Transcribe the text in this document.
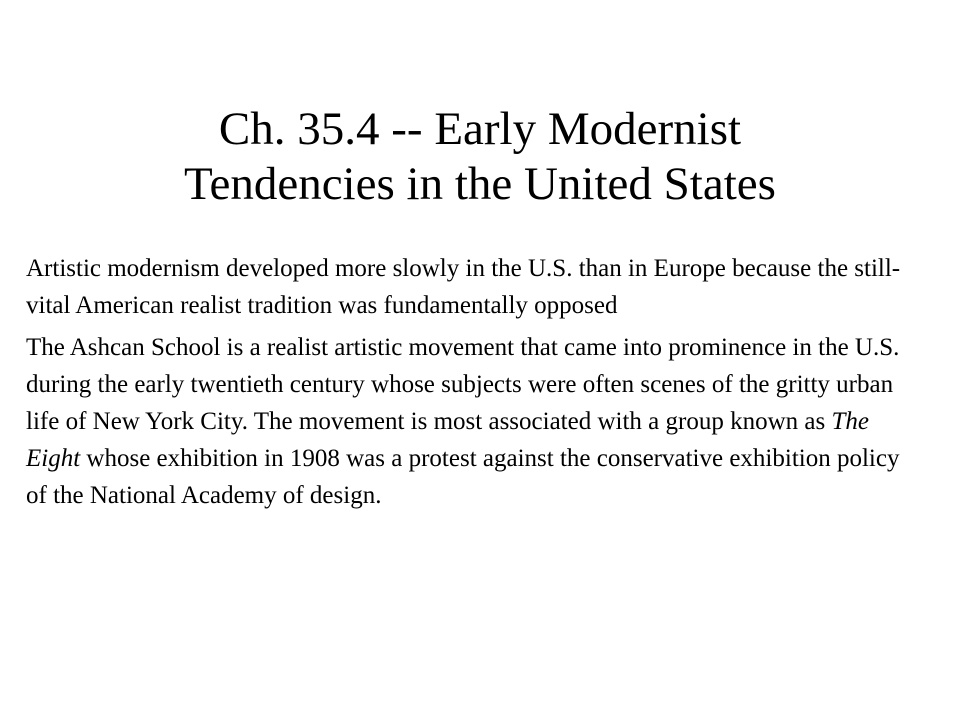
Ch. 35.4 -- Early Modernist
Tendencies in the United States

Artistic modernism developed more slowly in the U.S. than in Europe because the still-vital American realist tradition was fundamentally opposed

The Ashcan School is a realist artistic movement that came into prominence in the U.S. during the early twentieth century whose subjects were often scenes of the gritty urban life of New York City. The movement is most associated with a group known as The Eight whose exhibition in 1908 was a protest against the conservative exhibition policy of the National Academy of design.
